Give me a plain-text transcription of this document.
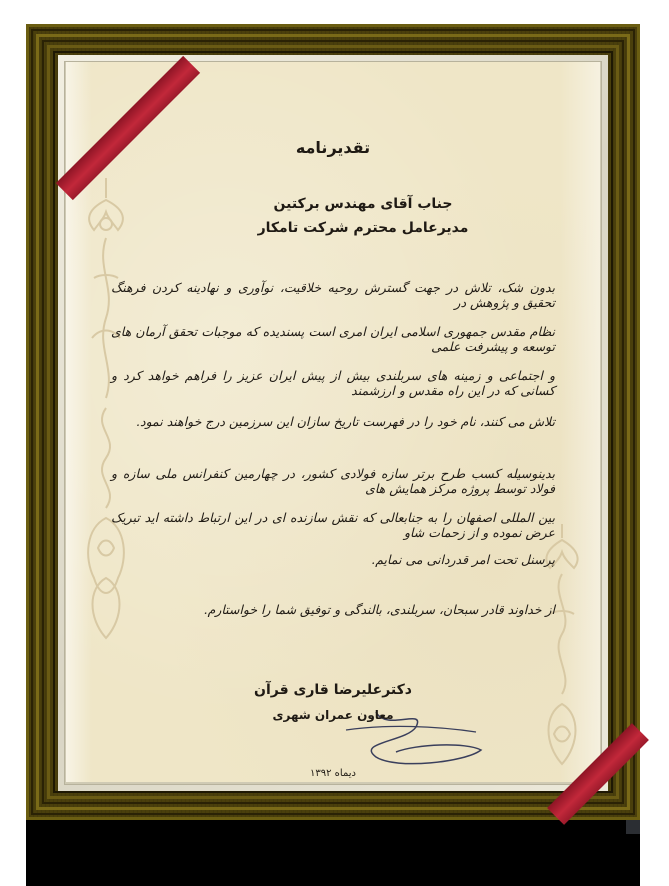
تقدیرنامه
جناب آقای مهندس برکتین
مدیرعامل محترم شرکت تامکار
بدون شک، تلاش در جهت گسترش روحیه خلاقیت، نوآوری و نهادینه کردن فرهنگ تحقیق و پژوهش در
نظام مقدس جمهوری اسلامی ایران امری است پسندیده که موجبات تحقق آرمان های توسعه و پیشرفت علمی
و اجتماعی و زمینه های سربلندی بیش از پیش ایران عزیز را فراهم خواهد کرد و کسانی که در این راه مقدس و ارزشمند
تلاش می کنند، نام خود را در فهرست تاریخ سازان این سرزمین درج خواهند نمود.
بدینوسیله کسب طرح برتر سازه فولادی کشور، در چهارمین کنفرانس ملی سازه و فولاد توسط پروژه مرکز همایش های
بین المللی اصفهان را به جنابعالی که نقش سازنده ای در این ارتباط داشته اید تبریک عرض نموده و از زحمات شاو
پرسنل تحت امر قدردانی می نمایم.
از خداوند قادر سبحان، سربلندی، بالندگی و توفیق شما را خواستارم.
دکترعلیرضا قاری قرآن
معاون عمران شهری
دیماه ۱۳۹۲
